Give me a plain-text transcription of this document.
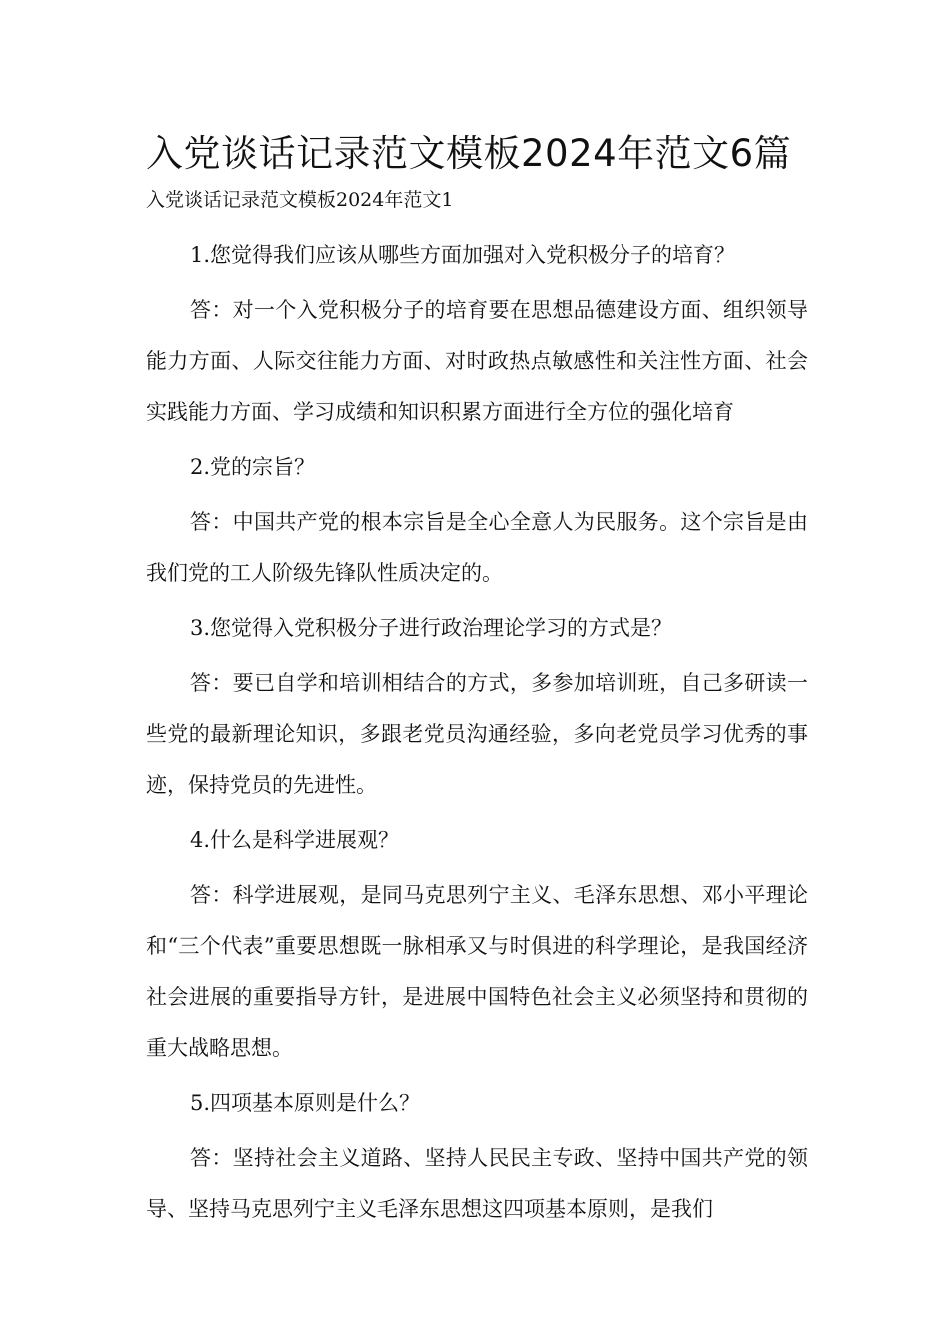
入党谈话记录范文模板2024年范文6篇

入党谈话记录范文模板2024年范文1

1.您觉得我们应该从哪些方面加强对入党积极分子的培育？

答：对一个入党积极分子的培育要在思想品德建设方面、组织领导能力方面、人际交往能力方面、对时政热点敏感性和关注性方面、社会实践能力方面、学习成绩和知识积累方面进行全方位的强化培育

2.党的宗旨？

答：中国共产党的根本宗旨是全心全意人为民服务。这个宗旨是由我们党的工人阶级先锋队性质决定的。

3.您觉得入党积极分子进行政治理论学习的方式是？

答：要已自学和培训相结合的方式，多参加培训班，自己多研读一些党的最新理论知识，多跟老党员沟通经验，多向老党员学习优秀的事迹，保持党员的先进性。

4.什么是科学进展观？

答：科学进展观，是同马克思列宁主义、毛泽东思想、邓小平理论和“三个代表”重要思想既一脉相承又与时俱进的科学理论，是我国经济社会进展的重要指导方针，是进展中国特色社会主义必须坚持和贯彻的重大战略思想。

5.四项基本原则是什么？

答：坚持社会主义道路、坚持人民民主专政、坚持中国共产党的领导、坚持马克思列宁主义毛泽东思想这四项基本原则，是我们
